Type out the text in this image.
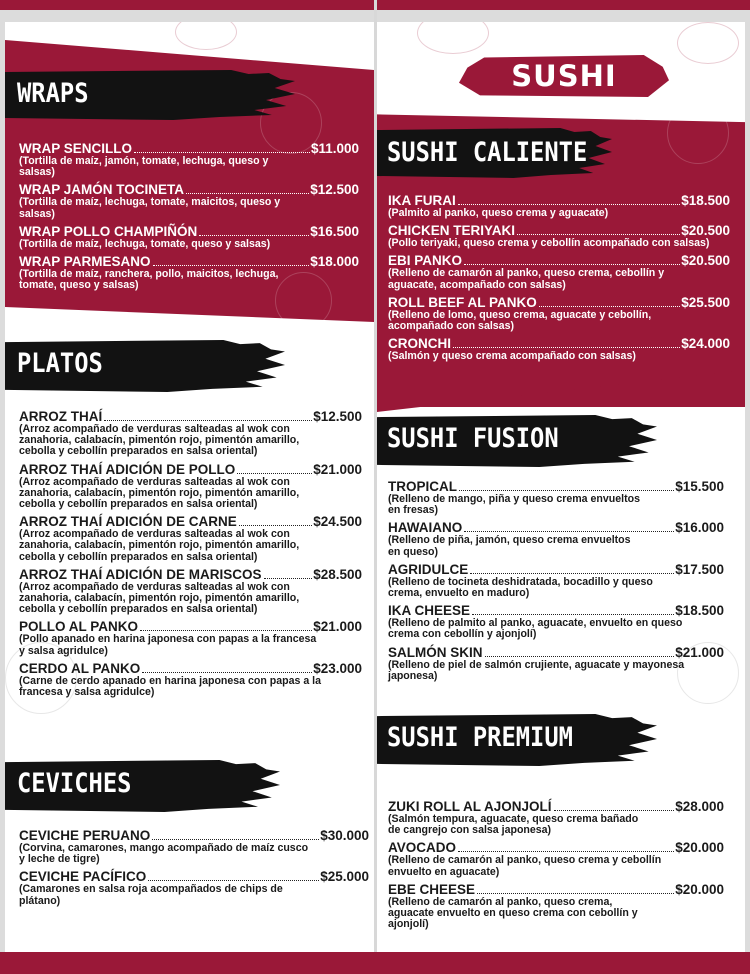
WRAPS
WRAP SENCILLO	$11.000
(Tortilla de maíz, jamón, tomate, lechuga, queso y salsas)
WRAP JAMÓN TOCINETA	$12.500
(Tortilla de maíz, lechuga, tomate, maicitos, queso y salsas)
WRAP POLLO CHAMPIÑÓN	$16.500
(Tortilla de maíz, lechuga, tomate, queso y salsas)
WRAP PARMESANO	$18.000
(Tortilla de maíz, ranchera, pollo, maicitos, lechuga, tomate, queso y salsas)
PLATOS
ARROZ THAÍ	$12.500
(Arroz acompañado de verduras salteadas al wok con zanahoria, calabacín, pimentón rojo, pimentón amarillo, cebolla y cebollín preparados en salsa oriental)
ARROZ THAÍ ADICIÓN DE POLLO	$21.000
(Arroz acompañado de verduras salteadas al wok con zanahoria, calabacín, pimentón rojo, pimentón amarillo, cebolla y cebollín preparados en salsa oriental)
ARROZ THAÍ ADICIÓN DE CARNE	$24.500
(Arroz acompañado de verduras salteadas al wok con zanahoria, calabacín, pimentón rojo, pimentón amarillo, cebolla y cebollín preparados en salsa oriental)
ARROZ THAÍ ADICIÓN DE MARISCOS	$28.500
(Arroz acompañado de verduras salteadas al wok con zanahoria, calabacín, pimentón rojo, pimentón amarillo, cebolla y cebollín preparados en salsa oriental)
POLLO AL PANKO	$21.000
(Pollo apanado en harina japonesa con papas a la francesa y salsa agridulce)
CERDO AL PANKO	$23.000
(Carne de cerdo apanado en harina japonesa con papas a la francesa y salsa agridulce)
CEVICHES
CEVICHE PERUANO	$30.000
(Corvina, camarones, mango acompañado de maíz cusco y leche de tigre)
CEVICHE PACÍFICO	$25.000
(Camarones en salsa roja acompañados de chips de plátano)
SUSHI
SUSHI CALIENTE
IKA FURAI	$18.500
(Palmito al panko, queso crema y aguacate)
CHICKEN TERIYAKI	$20.500
(Pollo teriyaki, queso crema y cebollín acompañado con salsas)
EBI PANKO	$20.500
(Relleno de camarón al panko, queso crema, cebollín y aguacate, acompañado con salsas)
ROLL BEEF AL PANKO	$25.500
(Relleno de lomo, queso crema, aguacate y cebollín, acompañado con salsas)
CRONCHI	$24.000
(Salmón y queso crema acompañado con salsas)
SUSHI FUSION
TROPICAL	$15.500
(Relleno de mango, piña y queso crema envueltos en fresas)
HAWAIANO	$16.000
(Relleno de piña, jamón, queso crema envueltos en queso)
AGRIDULCE	$17.500
(Relleno de tocineta deshidratada, bocadillo y queso crema, envuelto en maduro)
IKA CHEESE	$18.500
(Relleno de palmito al panko, aguacate, envuelto en queso crema con cebollín y ajonjolí)
SALMÓN SKIN	$21.000
(Relleno de piel de salmón crujiente, aguacate y mayonesa japonesa)
SUSHI PREMIUM
ZUKI ROLL AL AJONJOLÍ	$28.000
(Salmón tempura, aguacate, queso crema bañado de cangrejo con salsa japonesa)
AVOCADO	$20.000
(Relleno de camarón al panko, queso crema y cebollín envuelto en aguacate)
EBE CHEESE	$20.000
(Relleno de camarón al panko, queso crema, aguacate envuelto en queso crema con cebollín y ajonjolí)
